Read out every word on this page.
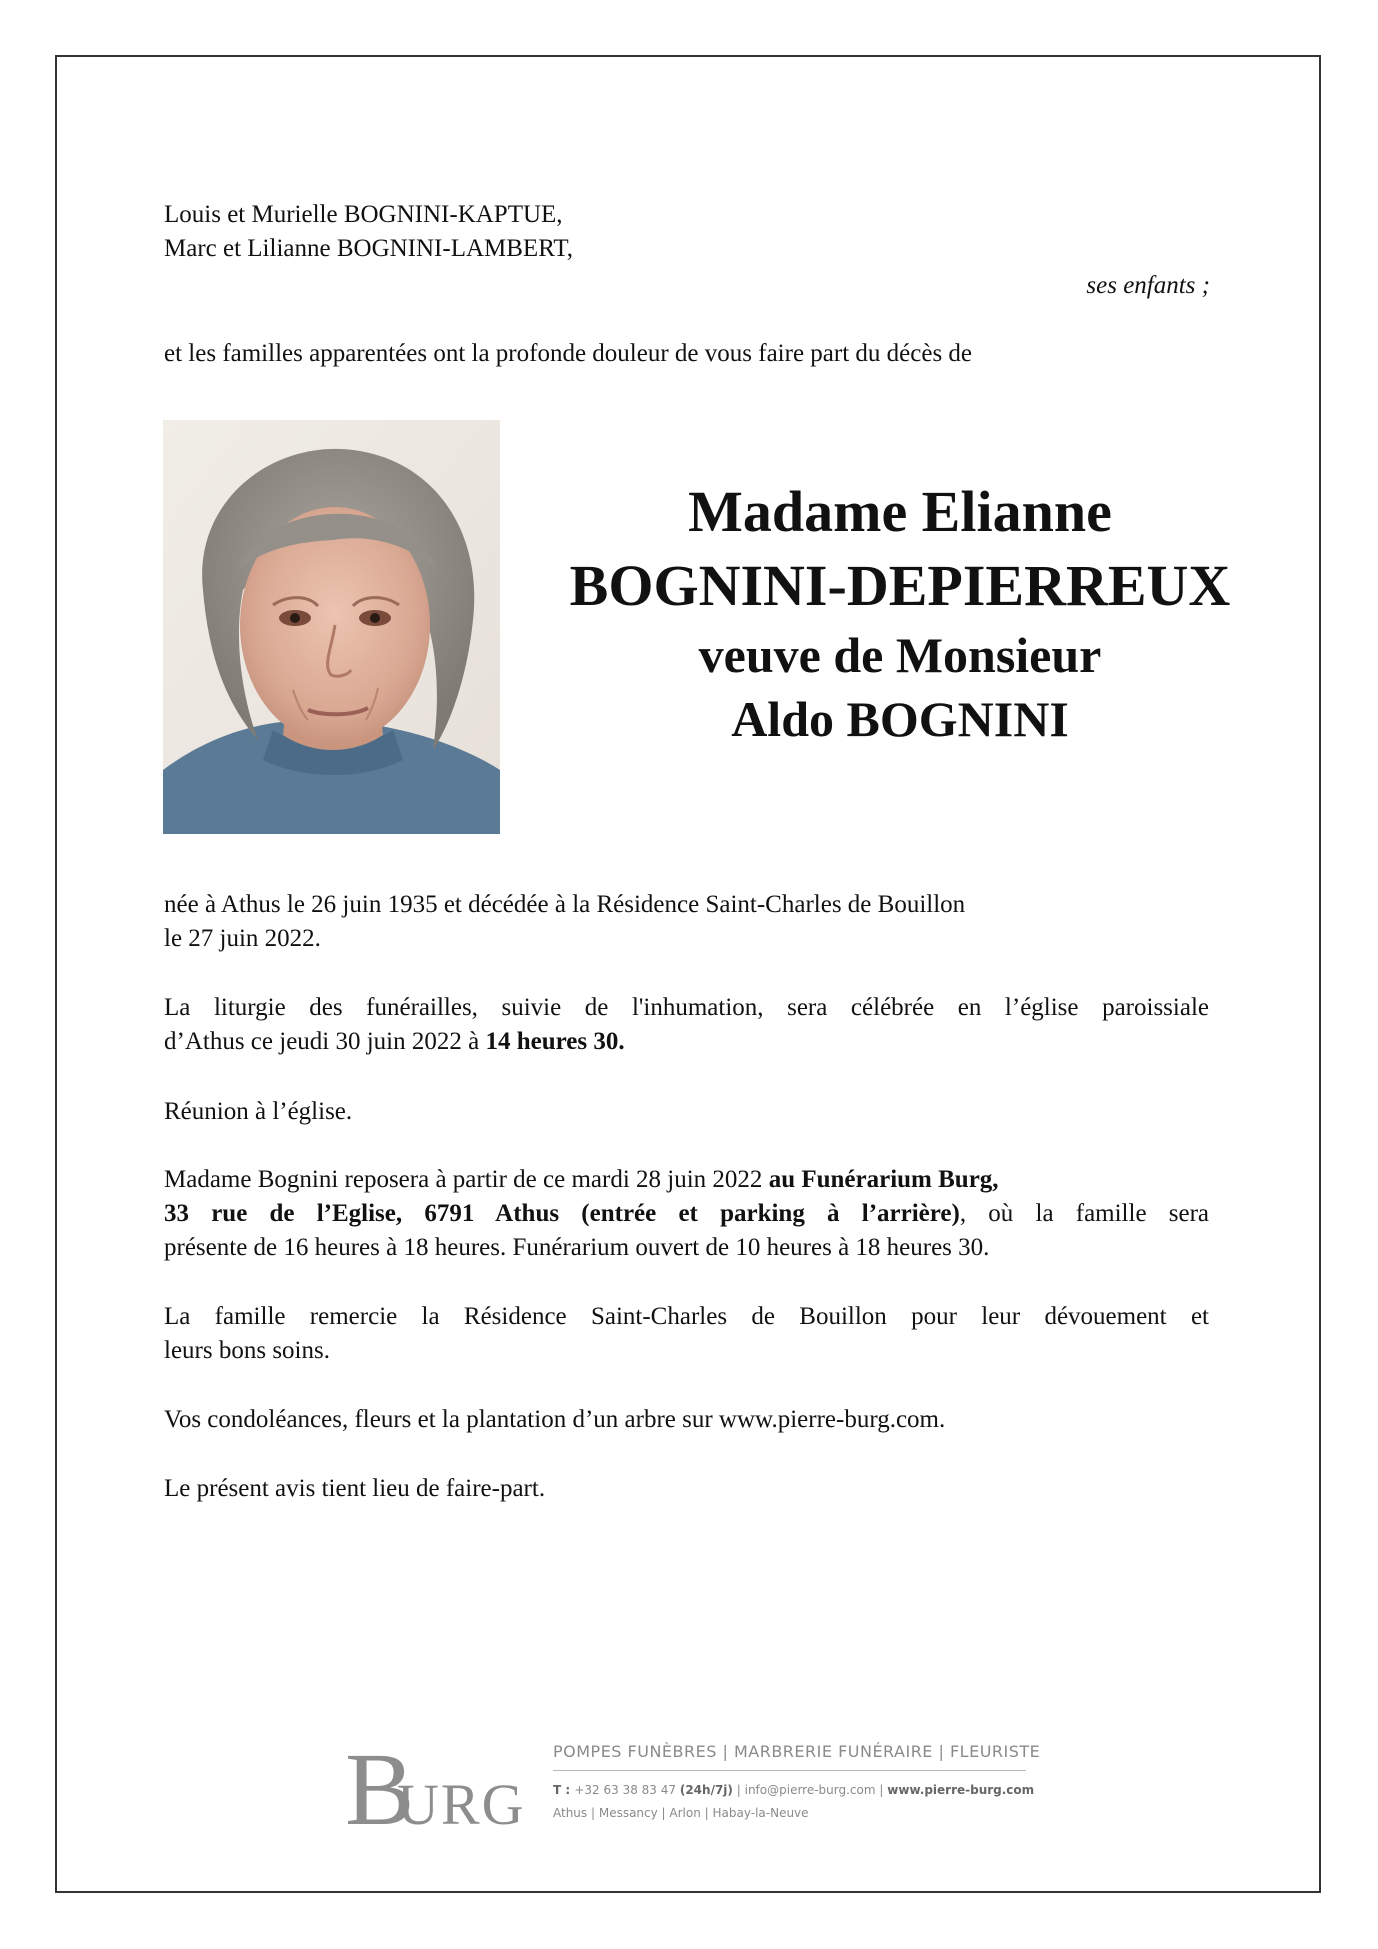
Louis et Murielle BOGNINI-KAPTUE,
Marc et Lilianne BOGNINI-LAMBERT,
ses enfants ;
et les familles apparentées ont la profonde douleur de vous faire part du décès de
Madame Elianne
BOGNINI-DEPIERREUX
veuve de Monsieur
Aldo BOGNINI
née à Athus le 26 juin 1935 et décédée à la Résidence Saint-Charles de Bouillon
le 27 juin 2022.
La liturgie des funérailles, suivie de l'inhumation, sera célébrée en l’église paroissiale
d’Athus ce jeudi 30 juin 2022 à 14 heures 30.
Réunion à l’église.
Madame Bognini reposera à partir de ce mardi 28 juin 2022 au Funérarium Burg,
33 rue de l’Eglise, 6791 Athus (entrée et parking à l’arrière), où la famille sera
présente de 16 heures à 18 heures. Funérarium ouvert de 10 heures à 18 heures 30.
La famille remercie la Résidence Saint-Charles de Bouillon pour leur dévouement et
leurs bons soins.
Vos condoléances, fleurs et la plantation d’un arbre sur www.pierre-burg.com.
Le présent avis tient lieu de faire-part.
B
URG
POMPES FUNÈBRES | MARBRERIE FUNÉRAIRE | FLEURISTE
T : +32 63 38 83 47 (24h/7j) | info@pierre-burg.com | www.pierre-burg.com
Athus | Messancy | Arlon | Habay-la-Neuve
